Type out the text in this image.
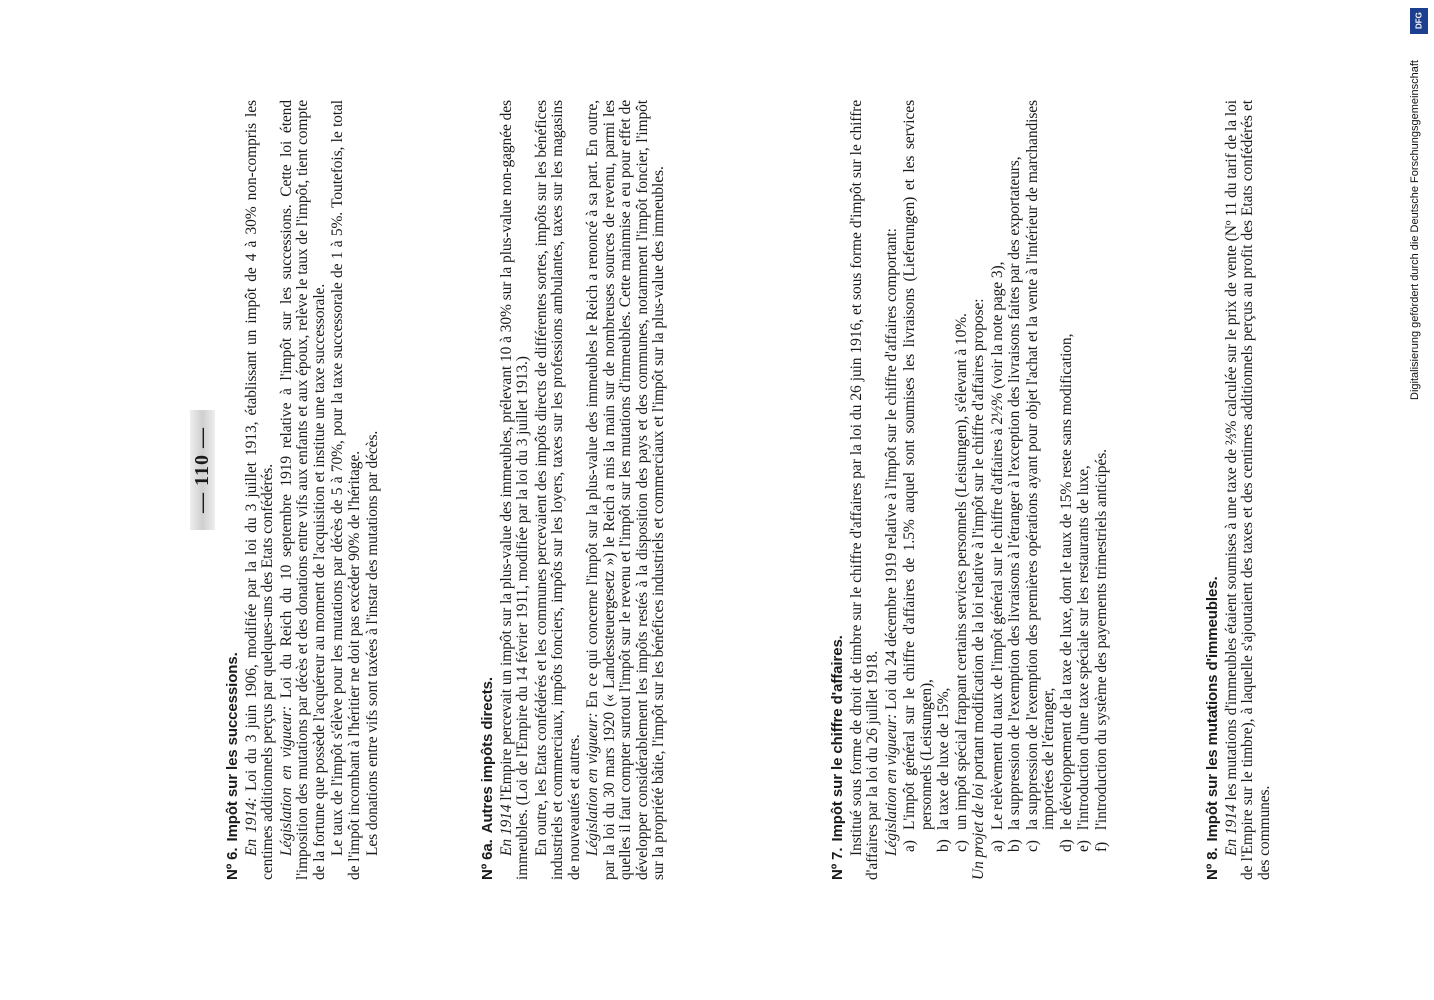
— 110 —
Nº 6.Impôt sur les successions. En 1914: Loi du 3 juin 1906, modifiée par la loi du 3 juillet 1913, établissant un impôt de 4 à 30% non-compris les centimes additionnels perçus par quelques-uns des Etats confédérés. Législation en vigueur: Loi du Reich du 10 septembre 1919 relative à l'impôt sur les successions. Cette loi étend l'imposition des mutations par décès et des donations entre vifs aux enfants et aux époux, relève le taux de l'impôt, tient compte de la fortune que possède l'acquéreur au moment de l'acquisition et institue une taxe successorale. Le taux de l'impôt s'élève pour les mutations par décès de 5 à 70%, pour la taxe successorale de 1 à 5%. Toutefois, le total de l'impôt incombant à l'héritier ne doit pas excéder 90% de l'héritage. Les donations entre vifs sont taxées à l'instar des mutations par décès.

Nº 6a.Autres impôts directs. En 1914 l'Empire percevait un impôt sur la plus-value des immeubles, prélevant 10 à 30% sur la plus-value non-gagnée des immeubles. (Loi de l'Empire du 14 février 1911, modifiée par la loi du 3 juillet 1913.) En outre, les Etats confédérés et les communes percevaient des impôts directs de différentes sortes, impôts sur les bénéfices industriels et commerciaux, impôts fonciers, impôts sur les loyers, taxes sur les professions ambulantes, taxes sur les magasins de nouveautés et autres. Législation en vigueur: En ce qui concerne l'impôt sur la plus-value des immeubles le Reich a renoncé à sa part. En outre, par la loi du 30 mars 1920 (« Landessteuergesetz ») le Reich a mis la main sur de nombreuses sources de revenu, parmi les quelles il faut compter surtout l'impôt sur le revenu et l'impôt sur les mutations d'immeubles. Cette mainmise a eu pour effet de développer considérablement les impôts restés à la disposition des pays et des communes, notamment l'impôt foncier, l'impôt sur la propriété bâtie, l'impôt sur les bénéfices industriels et commerciaux et l'impôt sur la plus-value des immeubles.	Nº 7.Impôt sur le chiffre d'affaires. Institué sous forme de droit de timbre sur le chiffre d'affaires par la loi du 26 juin 1916, et sous forme d'impôt sur le chiffre d'affaires par la loi du 26 juillet 1918. Législation en vigueur: Loi du 24 décembre 1919 relative à l'impôt sur le chiffre d'affaires comportant:

a)
L'impôt général sur le chiffre d'affaires de 1.5% auquel sont soumises les livraisons (Lieferungen) et les services personnels (Leistungen),
b)
la taxe de luxe de 15%,
c)
un impôt spécial frappant certains services personnels (Leistungen), s'élevant à 10%.

Un projet de loi portant modification de la loi relative à l'impôt sur le chiffre d'affaires propose:

a)
Le relèvement du taux de l'impôt général sur le chiffre d'affaires à 2½% (voir la note page 3),
b)
la suppression de l'exemption des livraisons à l'étranger à l'exception des livraisons faites par des exportateurs,
c)
la suppression de l'exemption des premières opérations ayant pour objet l'achat et la vente à l'intérieur de marchandises importées de l'étranger,
d)
le développement de la taxe de luxe, dont le taux de 15% reste sans modification,
e)
l'introduction d'une taxe spéciale sur les restaurants de luxe,
f)
l'introduction du système des payements trimestriels anticipés.
Nº 8.Impôt sur les mutations d'immeubles. En 1914 les mutations d'immeubles étaient soumises à une taxe de ⅔% calculée sur le prix de vente (Nº 11 du tarif de la loi de l'Empire sur le timbre), à laquelle s'ajoutaient des taxes et des centimes additionnels perçus au profit des Etats confédérés et des communes.

DFG
Digitalisierung gefördert durch die Deutsche Forschungsgemeinschaft
